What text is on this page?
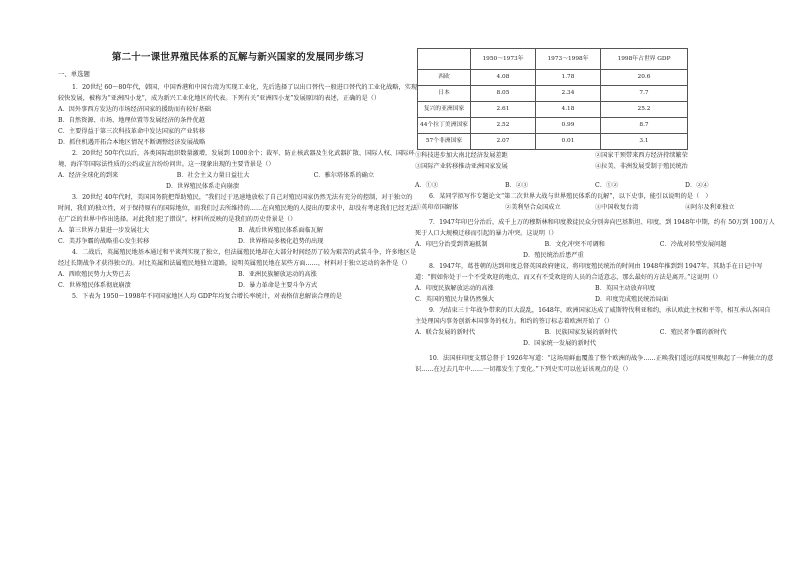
第二十一课世界殖民体系的瓦解与新兴国家的发展同步练习

一、单选题

1．20世纪 60～80年代，韩国、中国香港和中国台湾为实现工业化，先后选择了以出口替代一般进口替代的工业化战略，实现较快发展，被称为“亚洲四小龙”，成为新兴工业化地区的代表。下列有关“亚洲四小龙”发展原因的表述，正确的是（）

A．因外事西方发达的市场经济国家的援助而有较好基础
B．自然资源、市场、地理位置等发展经济的条件优越
C．主要得益于第三次科技革命中发达国家的产业转移
D．抓住机遇开拓合本地区情况不断调整经济发展战略

2．20世纪 50年代以后，各类国际组织数量激增，发展到 1000余个；裁军、防止核武器及生化武器扩散、国际人权、国际环境、海洋等国际法性质的公约或宣言纷纷问世。这一现象出现的主要背景是（）

A．经济全球化的到来	B．社会主义力量日益壮大	C．雅尔塔体系的确立
D．世界殖民体系走向崩溃

3．20世纪 40年代时，美国国务院把帮助殖民，“我们过于迅速地放松了自己对殖民国家仍然无法有充分的控制，对于独立的时间，我们的独立性，对于保持原有的国际地位，而我们过去所维持的……在向殖民地的人提出的要求中，却没有考虑我们已经无法在广泛的世界中作出选择。对此我们犯了错误”。材料所反映的是我们的历史背景是（）

A．第三世界力量进一步发展壮大	B．战后世界殖民体系面临瓦解
C．美苏争霸的战略重心发生转移	D．世界格局多极化趋势的出现

4．二战后，英属殖民地基本通过和平谈判实现了独立，但法属殖民地却在大部分时间经历了较为艰苦的武装斗争，许多地区是经过长期战争才获得独立的。对比英属和法属殖民地独立道路，说明英属殖民地在某些方面……，材料对于独立运动的条件是（）

A．西欧殖民势力大势已去	B．亚洲民族解放运动的高涨
C．世界殖民体系彻底崩溃	D．暴力革命是主要斗争方式

5．下表为 1950～1998年不同国家地区人均 GDP年均复合增长率统计，对表格信息解读合理的是

	1950～1973年	1973～1998年	1998年占世界 GDP
西欧	4.08	1.78	20.6
日本	8.05	2.34	7.7
复兴的亚洲国家	2.61	4.18	25.2
44个拉丁美洲国家	2.52	0.99	8.7
57个非洲国家	2.07	0.01	3.1
①科技进步加大南北经济发展差距	②国家干预带来西方经济持续繁荣
③国际产业转移推动亚洲国家发展	④拉美、非洲发展受制于殖民统治
A．①③	B．②③	C．①②	D．②④

6．某同学拟写作专题论文“第二次世界大战与世界殖民体系的瓦解”，以下史事，能引以说明的是（　）

①英印帝国解体	②美利坚合众国成立	③中国收复台湾	④阿尔及利亚独立

7．1947年印巴分治后，成千上万的穆斯林和印度教徒民众分别奔向巴基斯坦、印度，到 1948年中期，约有 50万到 100万人死于人口大规模迁移而引起的暴力冲突。这说明（）

A．印巴分治受到普遍抵制	B．文化冲突不可调和	C．冷战对转型发展问题
D．殖民统治后患严重

8．1947年，葛苍朝的达到印度总督英国政府建议，将印度殖民统治的时间由 1948年推到到 1947年。其助手在日记中写道：“假如你处于一个不受欢迎的地点，而又有不受欢迎的人员的合适意志，那么最好的方法是离开。”这说明（）

A．印度民族解放运动的高涨	B．英国主动放弃印度
C．英国的殖民力量仍然强大	D．印度完成殖民统治局面

9．为结束三十年战争带来的巨大混乱，1648年，欧洲国家达成了威斯特伐利亚和约，承认欧此主权和平等，相互承认各国自主处理国内事务创新本国事务的权力。和约的签订标志着欧洲开始了（）

A．联合发展的新时代	B．民族国家发展的新时代	C．殖民者争霸的新时代
D．国家统一发展的新时代

10．法国驻印度支那总督于 1926年写道：“这场用鲜血覆盖了整个欧洲的战争……正唤我们遥远的国度里唤起了一种独立的意识……在过去几年中……一切都发生了变化。”下列史实可以佐证该观点的是（）
